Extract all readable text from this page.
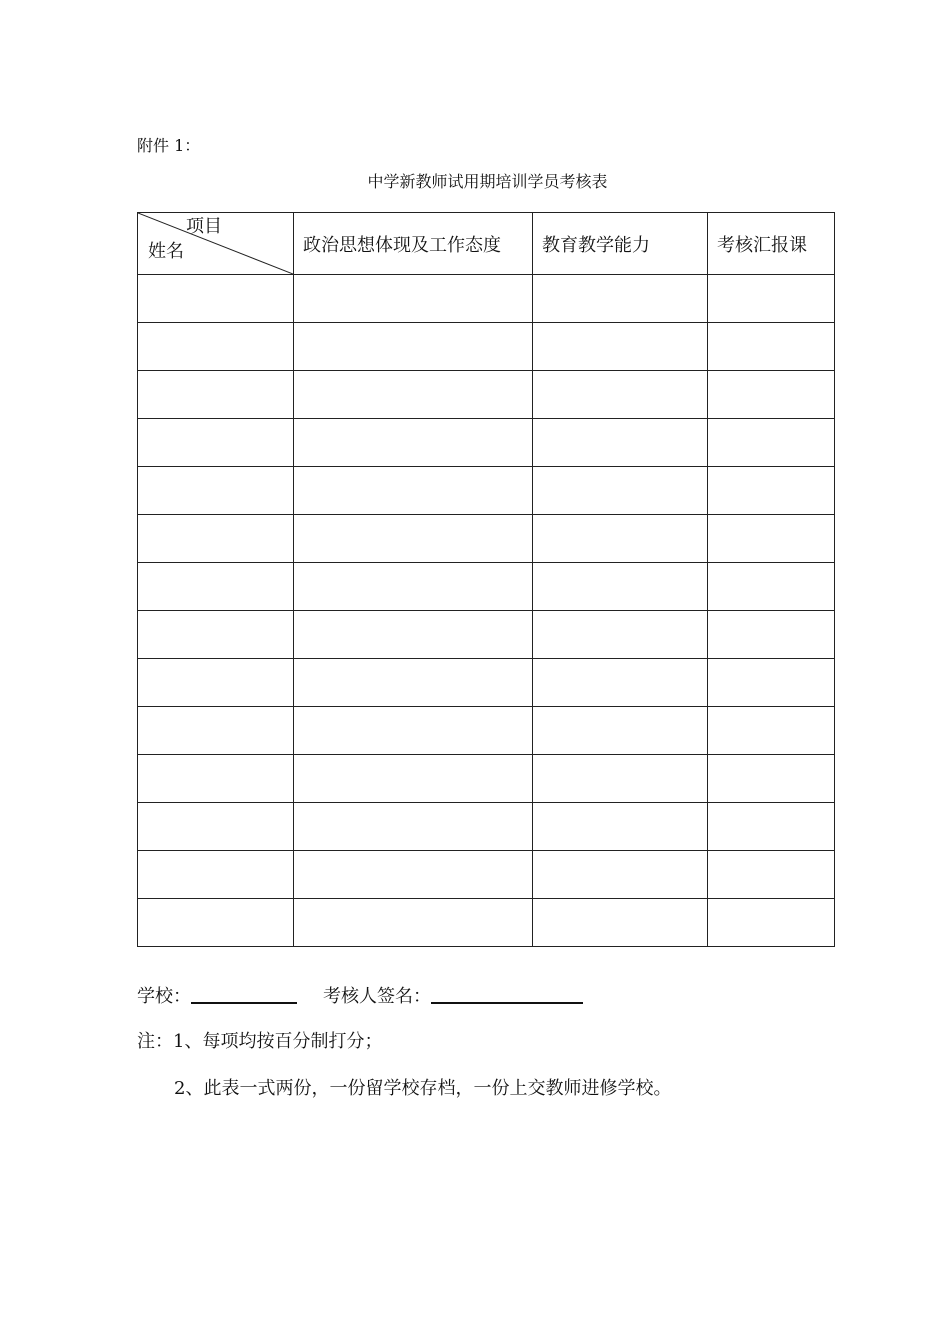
附件 1：
中学新教师试用期培训学员考核表
项目
姓名	政治思想体现及工作态度	教育教学能力	考核汇报课

学校：	考核人签名：
注：1、每项均按百分制打分；
2、此表一式两份，一份留学校存档，一份上交教师进修学校。
